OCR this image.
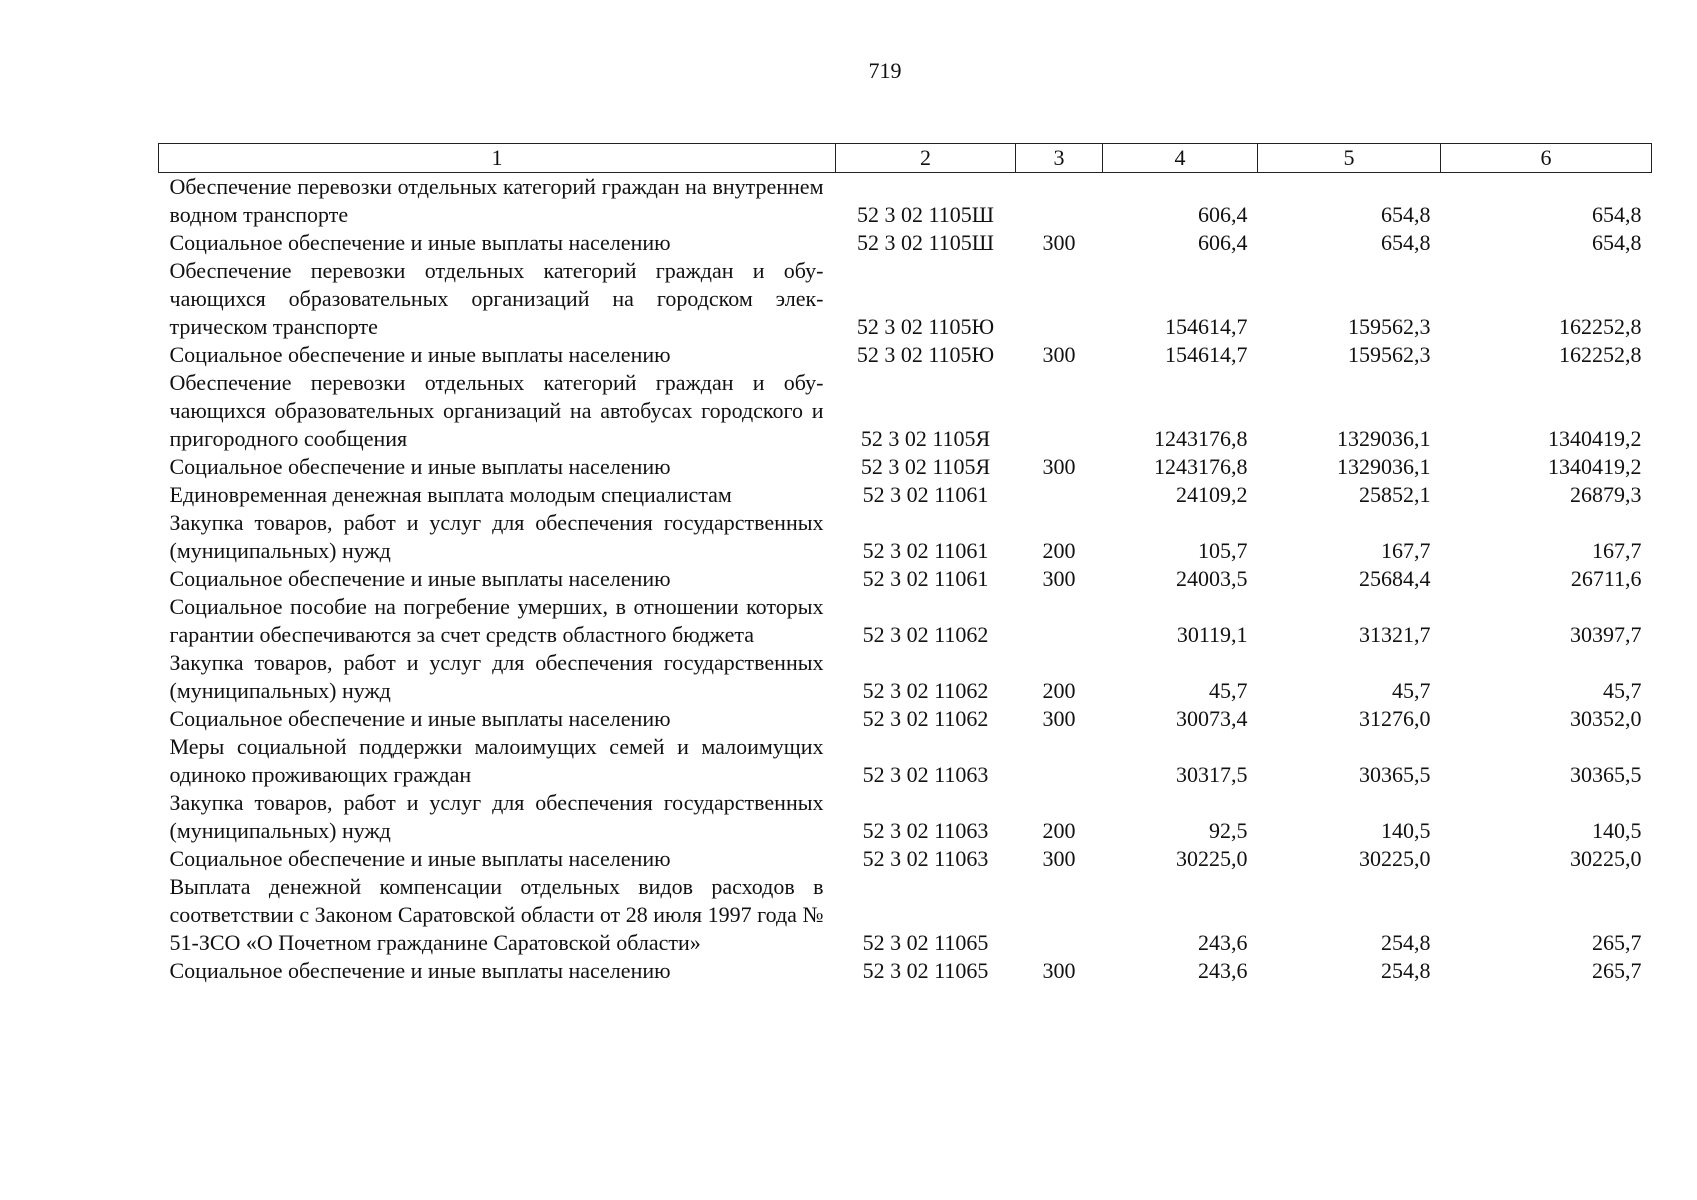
719
1	2	3	4	5	6
Обеспечение перевозки отдельных категорий граждан на внутреннем водном транспорте	52 3 02 1105Ш		606,4	654,8	654,8
Социальное обеспечение и иные выплаты населению	52 3 02 1105Ш	300	606,4	654,8	654,8
Обеспечение перевозки отдельных категорий граждан и обучающихся образовательных организаций на городском электрическом транспорте	52 3 02 1105Ю		154614,7	159562,3	162252,8
Социальное обеспечение и иные выплаты населению	52 3 02 1105Ю	300	154614,7	159562,3	162252,8
Обеспечение перевозки отдельных категорий граждан и обучающихся образовательных организаций на автобусах городского и пригородного сообщения	52 3 02 1105Я		1243176,8	1329036,1	1340419,2
Социальное обеспечение и иные выплаты населению	52 3 02 1105Я	300	1243176,8	1329036,1	1340419,2
Единовременная денежная выплата молодым специалистам	52 3 02 11061		24109,2	25852,1	26879,3
Закупка товаров, работ и услуг для обеспечения государственных (муниципальных) нужд	52 3 02 11061	200	105,7	167,7	167,7
Социальное обеспечение и иные выплаты населению	52 3 02 11061	300	24003,5	25684,4	26711,6
Социальное пособие на погребение умерших, в отношении которых гарантии обеспечиваются за счет средств областного бюджета	52 3 02 11062		30119,1	31321,7	30397,7
Закупка товаров, работ и услуг для обеспечения государственных (муниципальных) нужд	52 3 02 11062	200	45,7	45,7	45,7
Социальное обеспечение и иные выплаты населению	52 3 02 11062	300	30073,4	31276,0	30352,0
Меры социальной поддержки малоимущих семей и малоимущих одиноко проживающих граждан	52 3 02 11063		30317,5	30365,5	30365,5
Закупка товаров, работ и услуг для обеспечения государственных (муниципальных) нужд	52 3 02 11063	200	92,5	140,5	140,5
Социальное обеспечение и иные выплаты населению	52 3 02 11063	300	30225,0	30225,0	30225,0
Выплата денежной компенсации отдельных видов расходов в соответствии с Законом Саратовской области от 28 июля 1997 года № 51-ЗСО «О Почетном гражданине Саратовской области»	52 3 02 11065		243,6	254,8	265,7
Социальное обеспечение и иные выплаты населению	52 3 02 11065	300	243,6	254,8	265,7
